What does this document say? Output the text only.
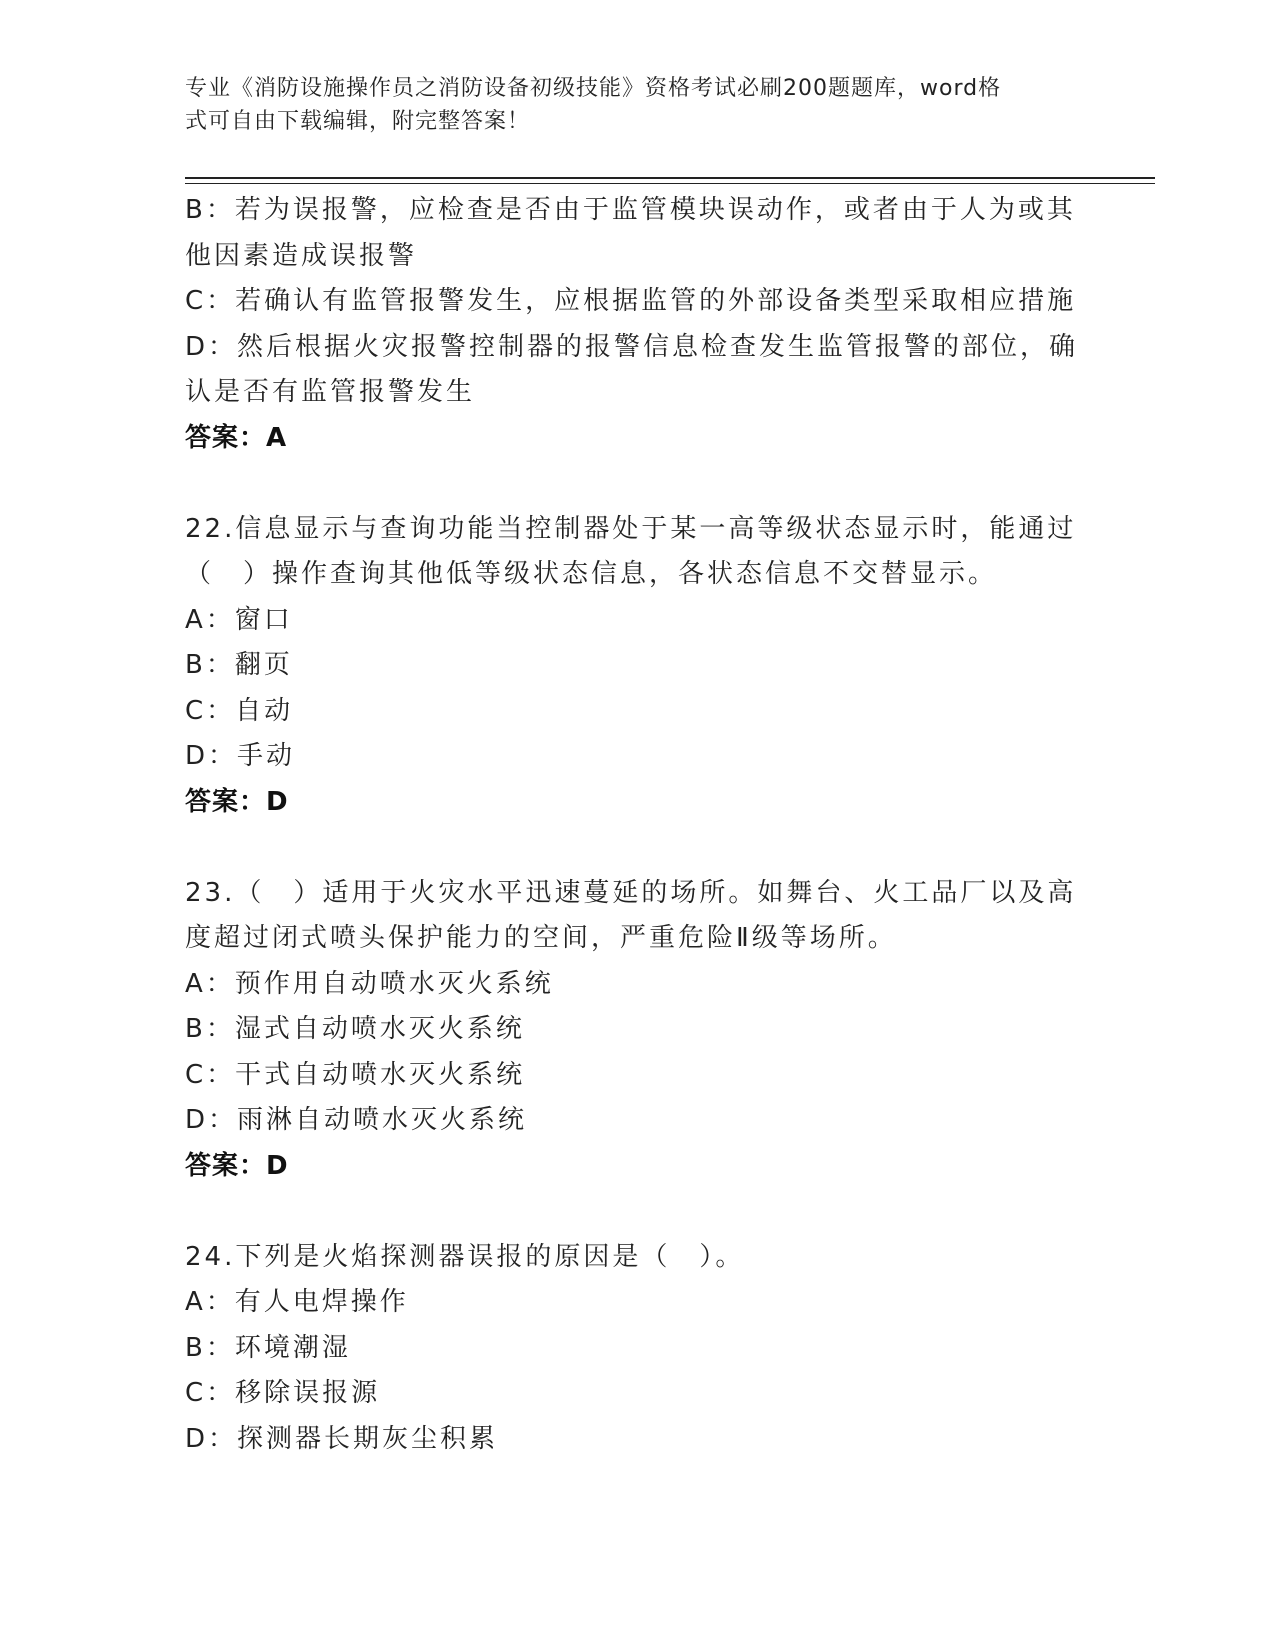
专业《消防设施操作员之消防设备初级技能》资格考试必刷200题题库，word格
式可自由下载编辑，附完整答案！
B：若为误报警，应检查是否由于监管模块误动作，或者由于人为或其
他因素造成误报警
C：若确认有监管报警发生，应根据监管的外部设备类型采取相应措施
D：然后根据火灾报警控制器的报警信息检查发生监管报警的部位，确
认是否有监管报警发生
答案：A
22.信息显示与查询功能当控制器处于某一高等级状态显示时，能通过
（　）操作查询其他低等级状态信息，各状态信息不交替显示。
A：窗口
B：翻页
C：自动
D：手动
答案：D
23.（　）适用于火灾水平迅速蔓延的场所。如舞台、火工品厂以及高
度超过闭式喷头保护能力的空间，严重危险Ⅱ级等场所。
A：预作用自动喷水灭火系统
B：湿式自动喷水灭火系统
C：干式自动喷水灭火系统
D：雨淋自动喷水灭火系统
答案：D
24.下列是火焰探测器误报的原因是（　）。
A：有人电焊操作
B：环境潮湿
C：移除误报源
D：探测器长期灰尘积累
